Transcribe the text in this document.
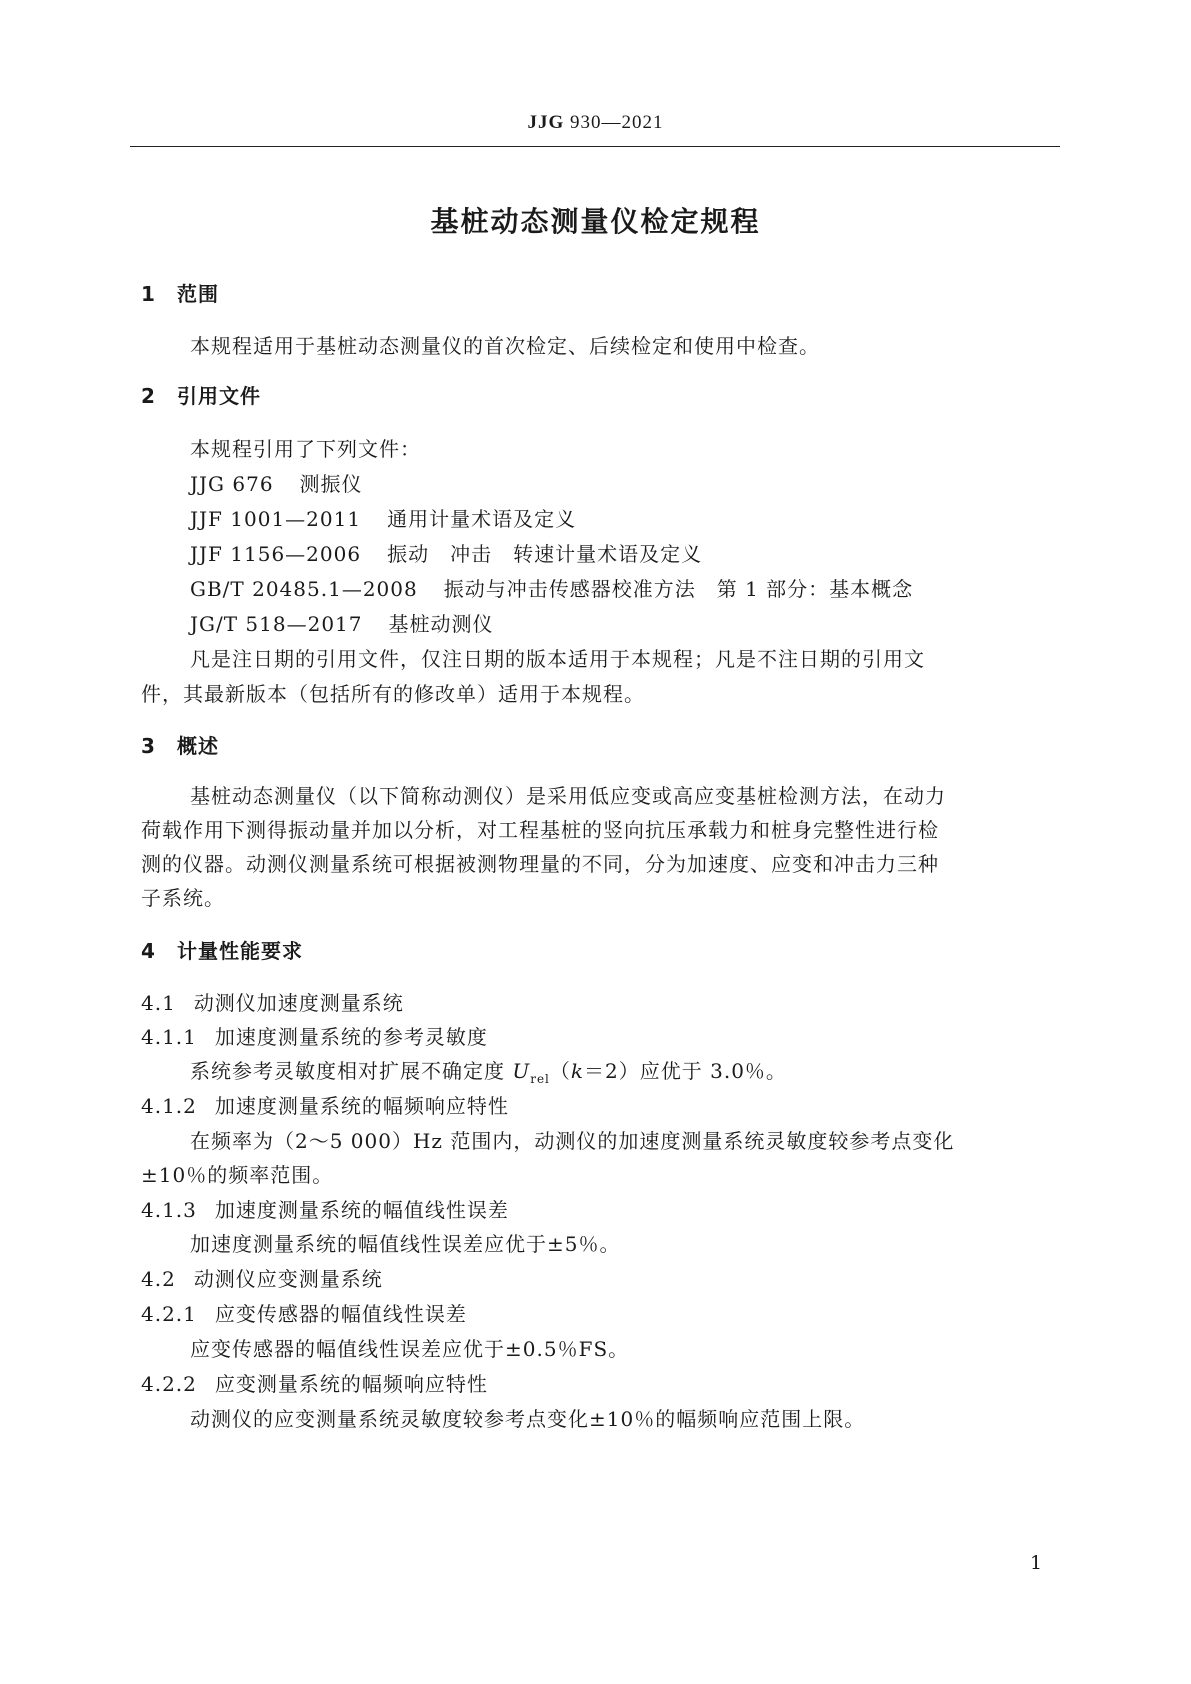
JJG 930—2021
基桩动态测量仪检定规程
1 范围
本规程适用于基桩动态测量仪的首次检定、后续检定和使用中检查。
2 引用文件
本规程引用了下列文件：
JJG 676 测振仪
JJF 1001—2011 通用计量术语及定义
JJF 1156—2006 振动　冲击　转速计量术语及定义
GB/T 20485.1—2008 振动与冲击传感器校准方法　第 1 部分：基本概念
JG/T 518—2017 基桩动测仪
凡是注日期的引用文件，仅注日期的版本适用于本规程；凡是不注日期的引用文
件，其最新版本（包括所有的修改单）适用于本规程。
3 概述
基桩动态测量仪（以下简称动测仪）是采用低应变或高应变基桩检测方法，在动力
荷载作用下测得振动量并加以分析，对工程基桩的竖向抗压承载力和桩身完整性进行检
测的仪器。动测仪测量系统可根据被测物理量的不同，分为加速度、应变和冲击力三种
子系统。
4 计量性能要求
4.1 动测仪加速度测量系统
4.1.1 加速度测量系统的参考灵敏度
系统参考灵敏度相对扩展不确定度 $U_{rel}(k=2)$应优于 3.0％。
4.1.2 加速度测量系统的幅频响应特性
在频率为（2～5 000）Hz 范围内，动测仪的加速度测量系统灵敏度较参考点变化
±10％的频率范围。
4.1.3 加速度测量系统的幅值线性误差
加速度测量系统的幅值线性误差应优于±5％。
4.2 动测仪应变测量系统
4.2.1 应变传感器的幅值线性误差
应变传感器的幅值线性误差应优于±0.5％FS。
4.2.2 应变测量系统的幅频响应特性
动测仪的应变测量系统灵敏度较参考点变化±10％的幅频响应范围上限。
1
